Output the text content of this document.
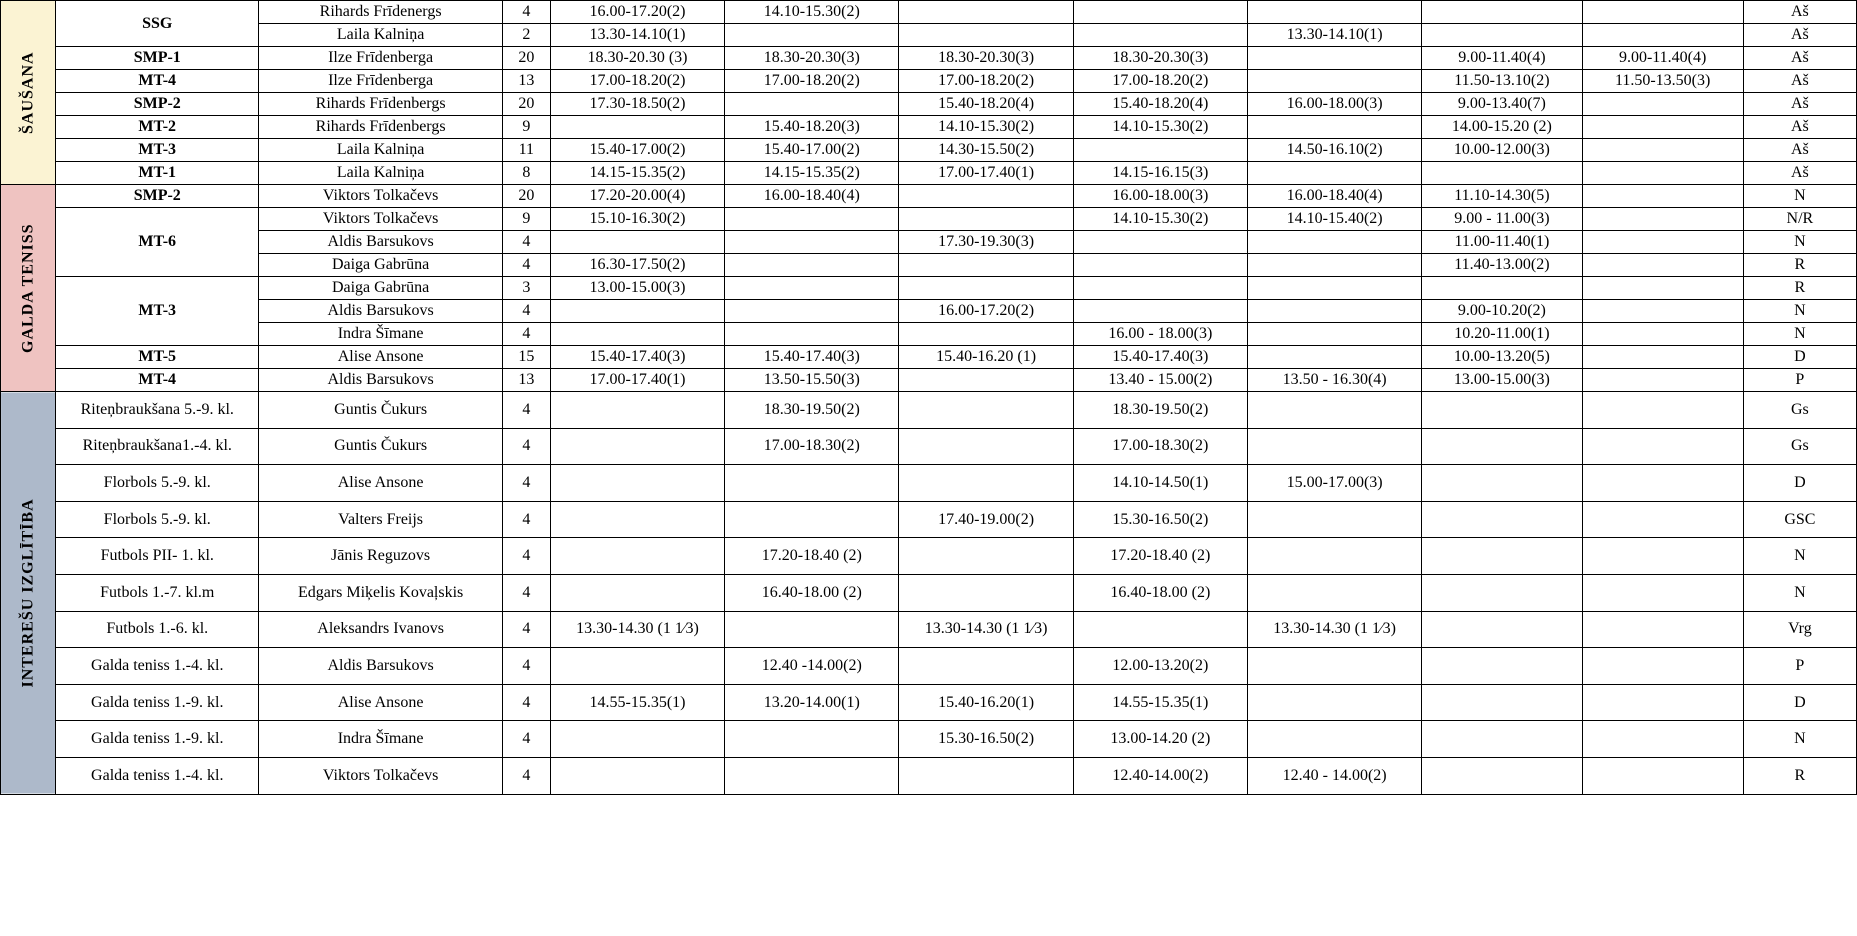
ŠAUŠANA	SSG	Rihards Frīdenergs	4	16.00-17.20(2)	14.10-15.30(2)						Aš
		Laila Kalniņa	2	13.30-14.10(1)				13.30-14.10(1)			Aš
	SMP-1	Ilze Frīdenberga	20	18.30-20.30 (3)	18.30-20.30(3)	18.30-20.30(3)	18.30-20.30(3)		9.00-11.40(4)	9.00-11.40(4)	Aš
	MT-4	Ilze Frīdenberga	13	17.00-18.20(2)	17.00-18.20(2)	17.00-18.20(2)	17.00-18.20(2)		11.50-13.10(2)	11.50-13.50(3)	Aš
	SMP-2	Rihards Frīdenbergs	20	17.30-18.50(2)		15.40-18.20(4)	15.40-18.20(4)	16.00-18.00(3)	9.00-13.40(7)		Aš
	MT-2	Rihards Frīdenbergs	9		15.40-18.20(3)	14.10-15.30(2)	14.10-15.30(2)		14.00-15.20 (2)		Aš
	MT-3	Laila Kalniņa	11	15.40-17.00(2)	15.40-17.00(2)	14.30-15.50(2)		14.50-16.10(2)	10.00-12.00(3)		Aš
	MT-1	Laila Kalniņa	8	14.15-15.35(2)	14.15-15.35(2)	17.00-17.40(1)	14.15-16.15(3)				Aš
GALDA TENISS	SMP-2	Viktors Tolkačevs	20	17.20-20.00(4)	16.00-18.40(4)		16.00-18.00(3)	16.00-18.40(4)	11.10-14.30(5)		N
	MT-6	Viktors Tolkačevs	9	15.10-16.30(2)			14.10-15.30(2)	14.10-15.40(2)	9.00 - 11.00(3)		N/R
		Aldis Barsukovs	4			17.30-19.30(3)			11.00-11.40(1)		N
		Daiga Gabrūna	4	16.30-17.50(2)					11.40-13.00(2)		R
	MT-3	Daiga Gabrūna	3	13.00-15.00(3)							R
		Aldis Barsukovs	4			16.00-17.20(2)			9.00-10.20(2)		N
		Indra Šīmane	4				16.00 - 18.00(3)		10.20-11.00(1)		N
	MT-5	Alise Ansone	15	15.40-17.40(3)	15.40-17.40(3)	15.40-16.20 (1)	15.40-17.40(3)		10.00-13.20(5)		D
	MT-4	Aldis Barsukovs	13	17.00-17.40(1)	13.50-15.50(3)		13.40 - 15.00(2)	13.50 - 16.30(4)	13.00-15.00(3)		P
INTEREŠU IZGLĪTĪBA	Riteņbraukšana 5.-9. kl.	Guntis Čukurs	4		18.30-19.50(2)		18.30-19.50(2)				Gs
	Riteņbraukšana1.-4. kl.	Guntis Čukurs	4		17.00-18.30(2)		17.00-18.30(2)				Gs
	Florbols 5.-9. kl.	Alise Ansone	4				14.10-14.50(1)	15.00-17.00(3)			D
	Florbols 5.-9. kl.	Valters Freijs	4			17.40-19.00(2)	15.30-16.50(2)				GSC
	Futbols PII- 1. kl.	Jānis Reguzovs	4		17.20-18.40 (2)		17.20-18.40 (2)				N
	Futbols 1.-7. kl.m	Edgars Miķelis Kovaļskis	4		16.40-18.00 (2)		16.40-18.00 (2)				N
	Futbols 1.-6. kl.	Aleksandrs Ivanovs	4	13.30-14.30 (1 1⁄3)		13.30-14.30 (1 1⁄3)		13.30-14.30 (1 1⁄3)			Vrg
	Galda teniss 1.-4. kl.	Aldis Barsukovs	4		12.40 -14.00(2)		12.00-13.20(2)				P
	Galda teniss 1.-9. kl.	Alise Ansone	4	14.55-15.35(1)	13.20-14.00(1)	15.40-16.20(1)	14.55-15.35(1)				D
	Galda teniss 1.-9. kl.	Indra Šīmane	4			15.30-16.50(2)	13.00-14.20 (2)				N
	Galda teniss 1.-4. kl.	Viktors Tolkačevs	4				12.40-14.00(2)	12.40 - 14.00(2)			R
